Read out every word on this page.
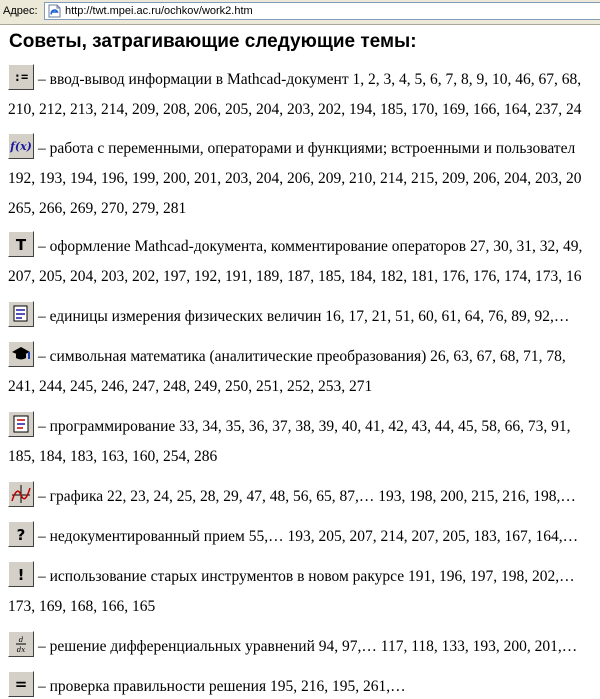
Адрес: http://twt.mpei.ac.ru/ochkov/work2.htm
Советы, затрагивающие следующие темы:
:= – ввод-вывод информации в Mathcad-документ 1, 2, 3, 4, 5, 6, 7, 8, 9, 10, 46, 67, 68,
210, 212, 213, 214, 209, 208, 206, 205, 204, 203, 202, 194, 185, 170, 169, 166, 164, 237, 24
f(x) – работа с переменными, операторами и функциями; встроенными и пользовател
192, 193, 194, 196, 199, 200, 201, 203, 204, 206, 209, 210, 214, 215, 209, 206, 204, 203, 20
265, 266, 269, 270, 279, 281
T – оформление Mathcad-документа, комментирование операторов 27, 30, 31, 32, 49,
207, 205, 204, 203, 202, 197, 192, 191, 189, 187, 185, 184, 182, 181, 176, 176, 174, 173, 16
– единицы измерения физических величин 16, 17, 21, 51, 60, 61, 64, 76, 89, 92,…
– символьная математика (аналитические преобразования) 26, 63, 67, 68, 71, 78,
241, 244, 245, 246, 247, 248, 249, 250, 251, 252, 253, 271
– программирование 33, 34, 35, 36, 37, 38, 39, 40, 41, 42, 43, 44, 45, 58, 66, 73, 91,
185, 184, 183, 163, 160, 254, 286
– графика 22, 23, 24, 25, 28, 29, 47, 48, 56, 65, 87,… 193, 198, 200, 215, 216, 198,…
? – недокументированный прием 55,… 193, 205, 207, 214, 207, 205, 183, 167, 164,…
! – использование старых инструментов в новом ракурсе 191, 196, 197, 198, 202,…
173, 169, 168, 166, 165
d
dx – решение дифференциальных уравнений 94, 97,… 117, 118, 133, 193, 200, 201,…
= – проверка правильности решения 195, 216, 195, 261,…
